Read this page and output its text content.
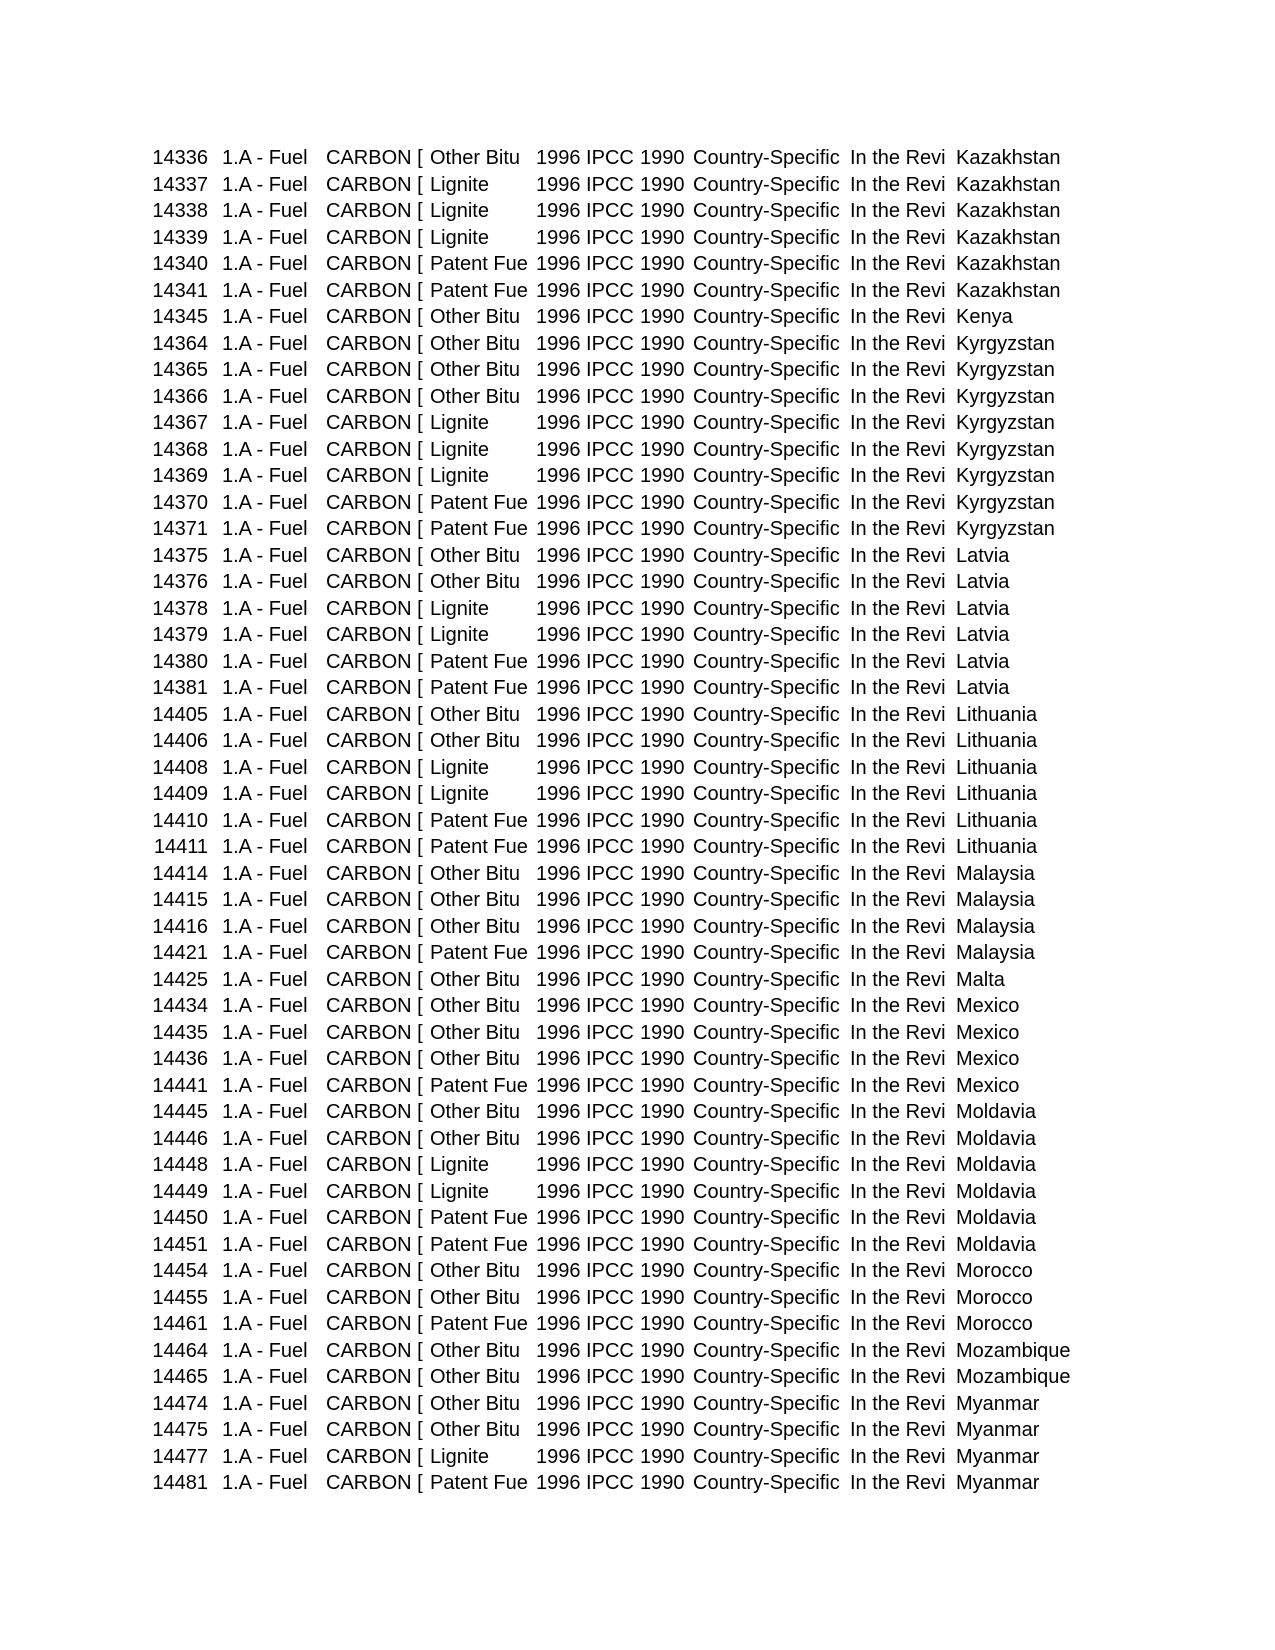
14336 1.A - Fuel CARBON [ Other Bitu 1996 IPCC 1990 Country-Specific In the Revi Kazakhstan
14337 1.A - Fuel CARBON [ Lignite	1996 IPCC 1990 Country-Specific In the Revi Kazakhstan
14338 1.A - Fuel CARBON [ Lignite	1996 IPCC 1990 Country-Specific In the Revi Kazakhstan
14339 1.A - Fuel CARBON [ Lignite	1996 IPCC 1990 Country-Specific In the Revi Kazakhstan
14340 1.A - Fuel CARBON [ Patent Fue 1996 IPCC 1990 Country-Specific In the Revi Kazakhstan
14341 1.A - Fuel CARBON [ Patent Fue 1996 IPCC 1990 Country-Specific In the Revi Kazakhstan
14345 1.A - Fuel CARBON [ Other Bitu 1996 IPCC 1990 Country-Specific In the Revi Kenya
14364 1.A - Fuel CARBON [ Other Bitu 1996 IPCC 1990 Country-Specific In the Revi Kyrgyzstan
14365 1.A - Fuel CARBON [ Other Bitu 1996 IPCC 1990 Country-Specific In the Revi Kyrgyzstan
14366 1.A - Fuel CARBON [ Other Bitu 1996 IPCC 1990 Country-Specific In the Revi Kyrgyzstan
14367 1.A - Fuel CARBON [ Lignite	1996 IPCC 1990 Country-Specific In the Revi Kyrgyzstan
14368 1.A - Fuel CARBON [ Lignite	1996 IPCC 1990 Country-Specific In the Revi Kyrgyzstan
14369 1.A - Fuel CARBON [ Lignite	1996 IPCC 1990 Country-Specific In the Revi Kyrgyzstan
14370 1.A - Fuel CARBON [ Patent Fue 1996 IPCC 1990 Country-Specific In the Revi Kyrgyzstan
14371 1.A - Fuel CARBON [ Patent Fue 1996 IPCC 1990 Country-Specific In the Revi Kyrgyzstan
14375 1.A - Fuel CARBON [ Other Bitu 1996 IPCC 1990 Country-Specific In the Revi Latvia
14376 1.A - Fuel CARBON [ Other Bitu 1996 IPCC 1990 Country-Specific In the Revi Latvia
14378 1.A - Fuel CARBON [ Lignite	1996 IPCC 1990 Country-Specific In the Revi Latvia
14379 1.A - Fuel CARBON [ Lignite	1996 IPCC 1990 Country-Specific In the Revi Latvia
14380 1.A - Fuel CARBON [ Patent Fue 1996 IPCC 1990 Country-Specific In the Revi Latvia
14381 1.A - Fuel CARBON [ Patent Fue 1996 IPCC 1990 Country-Specific In the Revi Latvia
14405 1.A - Fuel CARBON [ Other Bitu 1996 IPCC 1990 Country-Specific In the Revi Lithuania
14406 1.A - Fuel CARBON [ Other Bitu 1996 IPCC 1990 Country-Specific In the Revi Lithuania
14408 1.A - Fuel CARBON [ Lignite	1996 IPCC 1990 Country-Specific In the Revi Lithuania
14409 1.A - Fuel CARBON [ Lignite	1996 IPCC 1990 Country-Specific In the Revi Lithuania
14410 1.A - Fuel CARBON [ Patent Fue 1996 IPCC 1990 Country-Specific In the Revi Lithuania
14411 1.A - Fuel CARBON [ Patent Fue 1996 IPCC 1990 Country-Specific In the Revi Lithuania
14414 1.A - Fuel CARBON [ Other Bitu 1996 IPCC 1990 Country-Specific In the Revi Malaysia
14415 1.A - Fuel CARBON [ Other Bitu 1996 IPCC 1990 Country-Specific In the Revi Malaysia
14416 1.A - Fuel CARBON [ Other Bitu 1996 IPCC 1990 Country-Specific In the Revi Malaysia
14421 1.A - Fuel CARBON [ Patent Fue 1996 IPCC 1990 Country-Specific In the Revi Malaysia
14425 1.A - Fuel CARBON [ Other Bitu 1996 IPCC 1990 Country-Specific In the Revi Malta
14434 1.A - Fuel CARBON [ Other Bitu 1996 IPCC 1990 Country-Specific In the Revi Mexico
14435 1.A - Fuel CARBON [ Other Bitu 1996 IPCC 1990 Country-Specific In the Revi Mexico
14436 1.A - Fuel CARBON [ Other Bitu 1996 IPCC 1990 Country-Specific In the Revi Mexico
14441 1.A - Fuel CARBON [ Patent Fue 1996 IPCC 1990 Country-Specific In the Revi Mexico
14445 1.A - Fuel CARBON [ Other Bitu 1996 IPCC 1990 Country-Specific In the Revi Moldavia
14446 1.A - Fuel CARBON [ Other Bitu 1996 IPCC 1990 Country-Specific In the Revi Moldavia
14448 1.A - Fuel CARBON [ Lignite	1996 IPCC 1990 Country-Specific In the Revi Moldavia
14449 1.A - Fuel CARBON [ Lignite	1996 IPCC 1990 Country-Specific In the Revi Moldavia
14450 1.A - Fuel CARBON [ Patent Fue 1996 IPCC 1990 Country-Specific In the Revi Moldavia
14451 1.A - Fuel CARBON [ Patent Fue 1996 IPCC 1990 Country-Specific In the Revi Moldavia
14454 1.A - Fuel CARBON [ Other Bitu 1996 IPCC 1990 Country-Specific In the Revi Morocco
14455 1.A - Fuel CARBON [ Other Bitu 1996 IPCC 1990 Country-Specific In the Revi Morocco
14461 1.A - Fuel CARBON [ Patent Fue 1996 IPCC 1990 Country-Specific In the Revi Morocco
14464 1.A - Fuel CARBON [ Other Bitu 1996 IPCC 1990 Country-Specific In the Revi Mozambique
14465 1.A - Fuel CARBON [ Other Bitu 1996 IPCC 1990 Country-Specific In the Revi Mozambique
14474 1.A - Fuel CARBON [ Other Bitu 1996 IPCC 1990 Country-Specific In the Revi Myanmar
14475 1.A - Fuel CARBON [ Other Bitu 1996 IPCC 1990 Country-Specific In the Revi Myanmar
14477 1.A - Fuel CARBON [ Lignite	1996 IPCC 1990 Country-Specific In the Revi Myanmar
14481 1.A - Fuel CARBON [ Patent Fue 1996 IPCC 1990 Country-Specific In the Revi Myanmar
